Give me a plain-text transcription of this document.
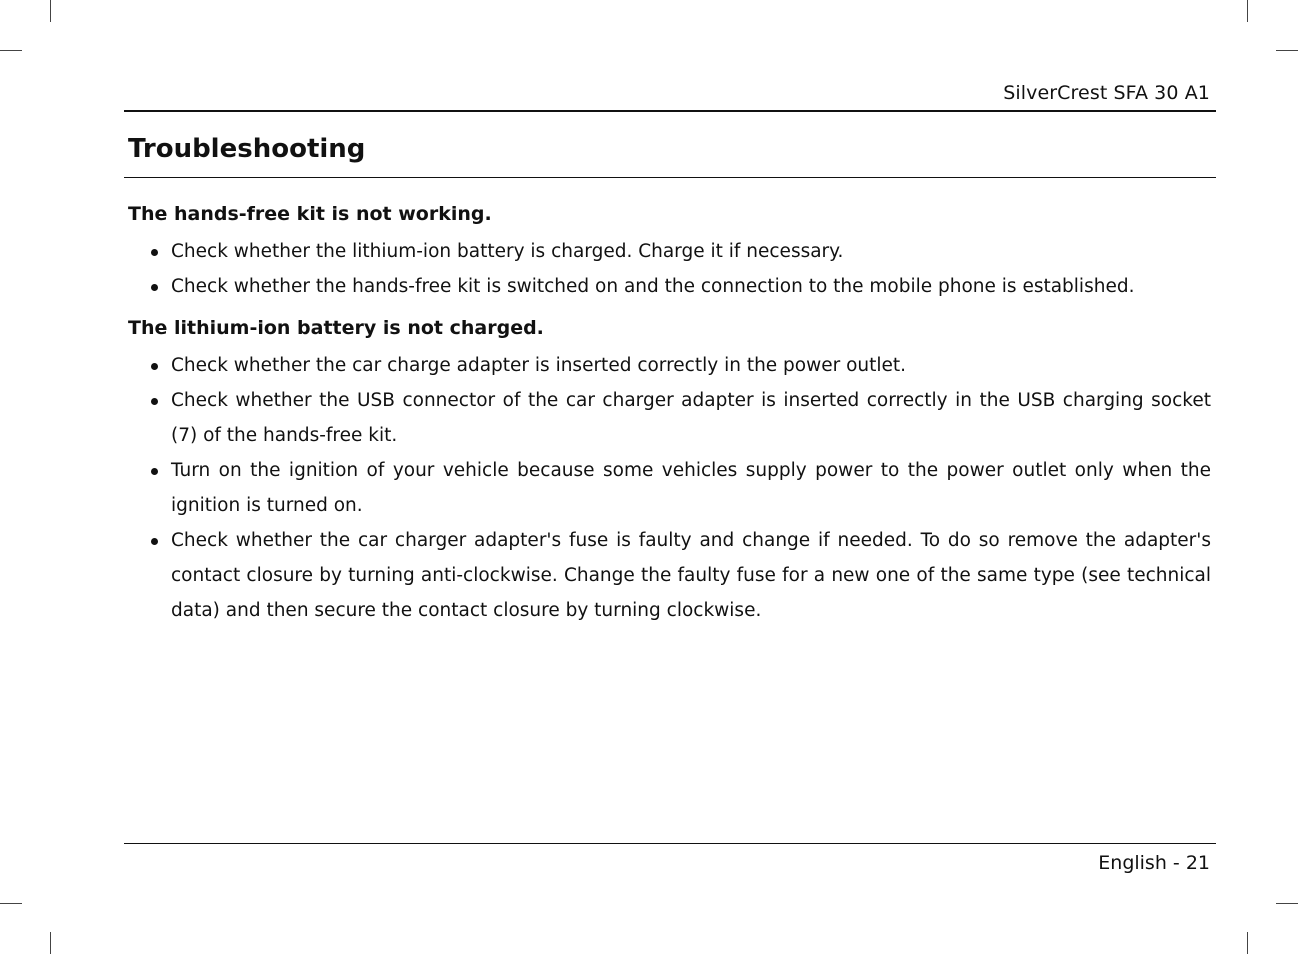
SilverCrest SFA 30 A1
Troubleshooting
The hands-free kit is not working.
Check whether the lithium-ion battery is charged. Charge it if necessary.
Check whether the hands-free kit is switched on and the connection to the mobile phone is established.
The lithium-ion battery is not charged.
Check whether the car charge adapter is inserted correctly in the power outlet.
Check whether the USB connector of the car charger adapter is inserted correctly in the USB charging socket (7) of the hands-free kit.
Turn on the ignition of your vehicle because some vehicles supply power to the power outlet only when the ignition is turned on.
Check whether the car charger adapter's fuse is faulty and change if needed. To do so remove the adapter's contact closure by turning anti-clockwise. Change the faulty fuse for a new one of the same type (see technical data) and then secure the contact closure by turning clockwise.
English - 21
